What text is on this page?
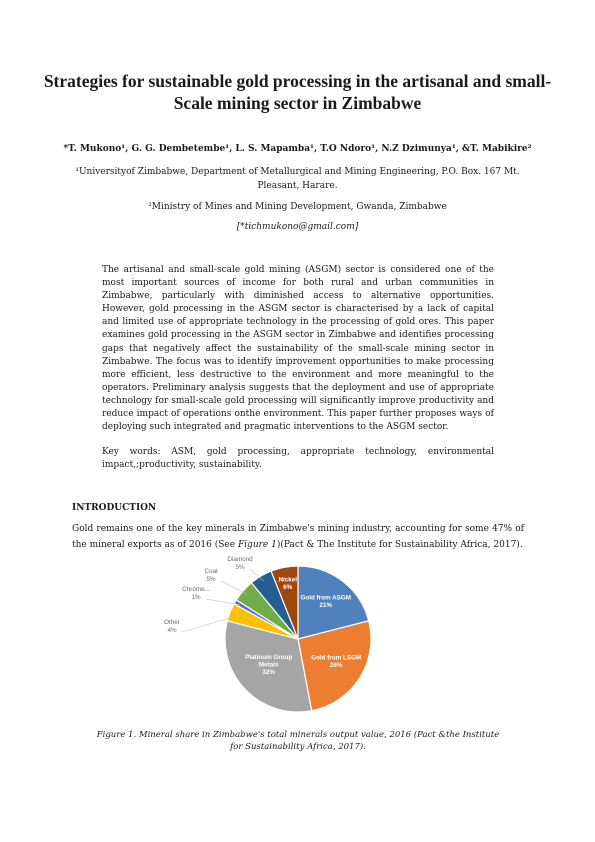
Strategies for sustainable gold processing in the artisanal and small-Scale mining sector in Zimbabwe
*T. Mukono¹, G. G. Dembetembe¹, L. S. Mapamba¹, T.O Ndoro¹, N.Z Dzimunya¹, &T. Mabikire²
¹Universityof Zimbabwe, Department of Metallurgical and Mining Engineering, P.O. Box. 167 Mt. Pleasant, Harare.
²Ministry of Mines and Mining Development, Gwanda, Zimbabwe
[*tichmukono@gmail.com]

The artisanal and small-scale gold mining (ASGM) sector is considered one of the most important sources of income for both rural and urban communities in Zimbabwe, particularly with diminished access to alternative opportunities. However, gold processing in the ASGM sector is characterised by a lack of capital and limited use of appropriate technology in the processing of gold ores. This paper examines gold processing in the ASGM sector in Zimbabwe and identifies processing gaps that negatively affect the sustainability of the small-scale mining sector in Zimbabwe. The focus was to identify improvement opportunities to make processing more efficient, less destructive to the environment and more meaningful to the operators. Preliminary analysis suggests that the deployment and use of appropriate technology for small-scale gold processing will significantly improve productivity and reduce impact of operations onthe environment. This paper further proposes ways of deploying such integrated and pragmatic interventions to the ASGM sector.

Key words: ASM, gold processing, appropriate technology, environmental impact,;productivity, sustainability.

INTRODUCTION

Gold remains one of the key minerals in Zimbabwe's mining industry, accounting for some 47% of the mineral exports as of 2016 (See Figure 1)(Pact & The Institute for Sustainability Africa, 2017).

Gold from ASGM 21%
Gold from LSGM 26%
Platinum Group Metals 32%
Other 4%
Chrome... 1%
Coal 5%
Diamond 5%
Nickel 6%
Figure 1. Mineral share in Zimbabwe's total minerals output value, 2016 (Pact &the Institute for Sustainability Africa, 2017).
